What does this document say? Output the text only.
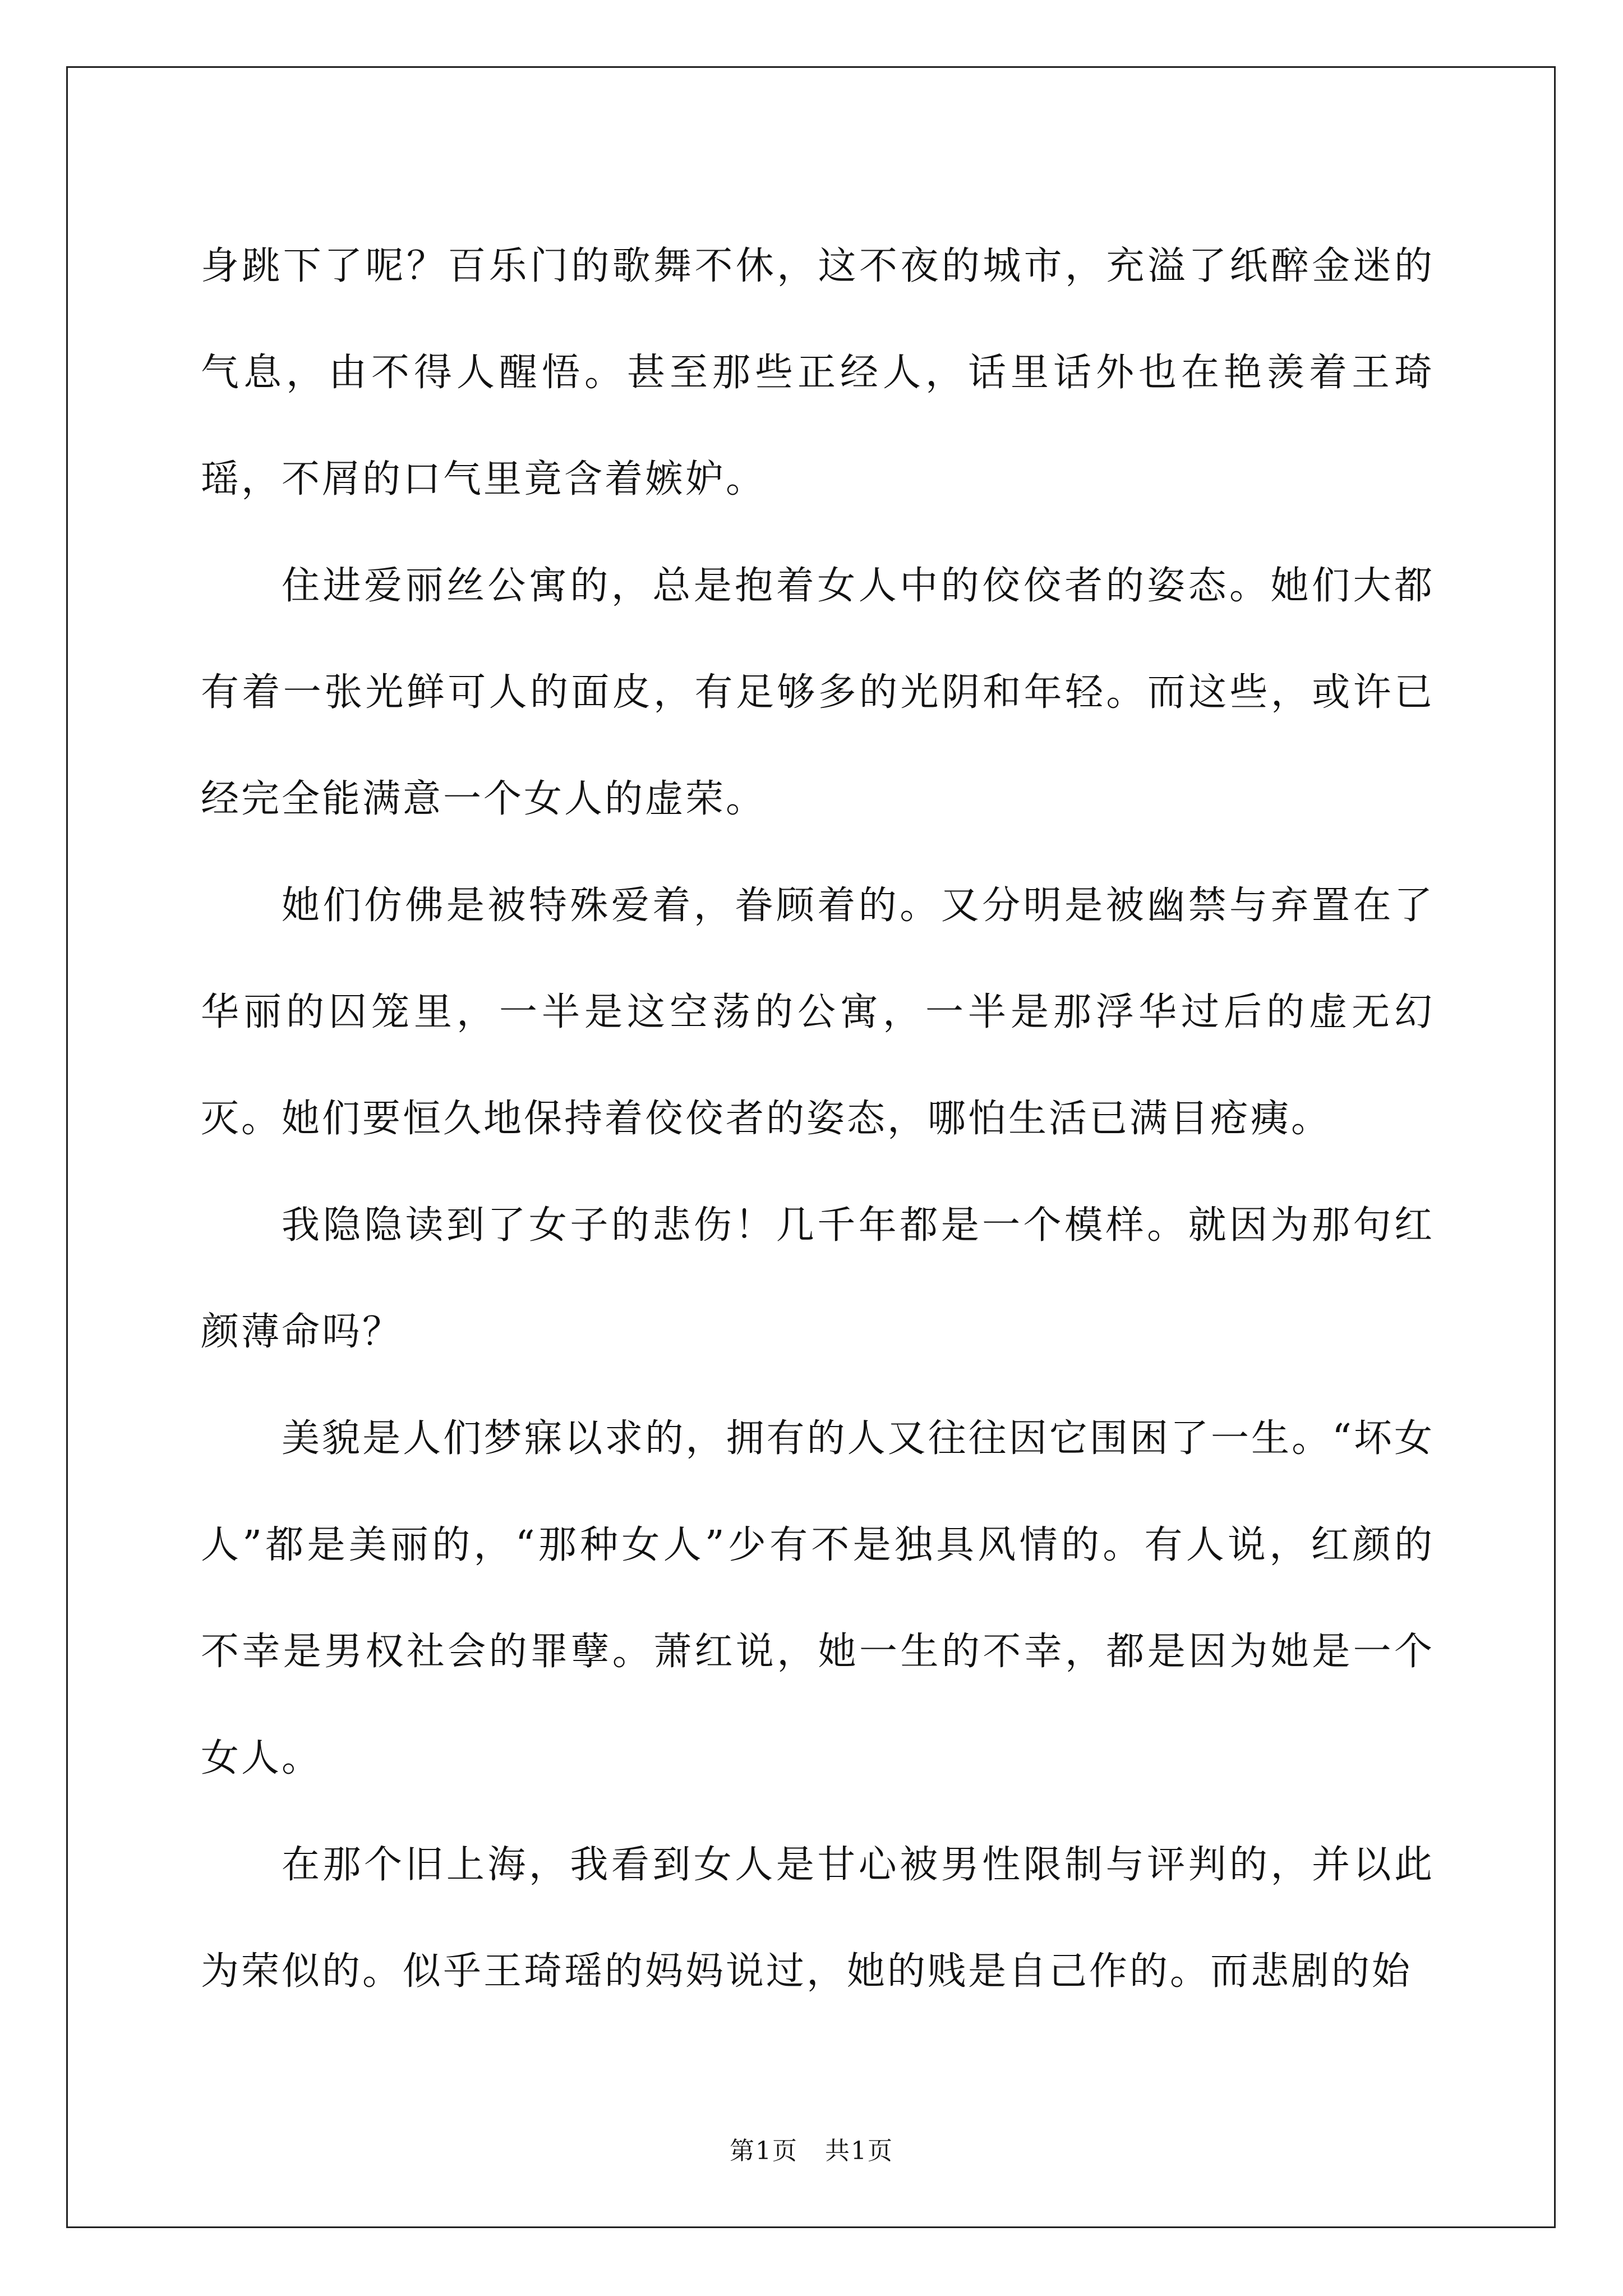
身跳下了呢？百乐门的歌舞不休，这不夜的城市，充溢了纸醉金迷的气息，由不得人醒悟。甚至那些正经人，话里话外也在艳羡着王琦瑶，不屑的口气里竟含着嫉妒。

住进爱丽丝公寓的，总是抱着女人中的佼佼者的姿态。她们大都有着一张光鲜可人的面皮，有足够多的光阴和年轻。而这些，或许已经完全能满意一个女人的虚荣。

她们仿佛是被特殊爱着，眷顾着的。又分明是被幽禁与弃置在了华丽的囚笼里，一半是这空荡的公寓，一半是那浮华过后的虚无幻灭。她们要恒久地保持着佼佼者的姿态，哪怕生活已满目疮痍。

我隐隐读到了女子的悲伤！几千年都是一个模样。就因为那句红颜薄命吗？

美貌是人们梦寐以求的，拥有的人又往往因它围困了一生。“坏女人”都是美丽的，“那种女人”少有不是独具风情的。有人说，红颜的不幸是男权社会的罪孽。萧红说，她一生的不幸，都是因为她是一个女人。

在那个旧上海，我看到女人是甘心被男性限制与评判的，并以此为荣似的。似乎王琦瑶的妈妈说过，她的贱是自己作的。而悲剧的始

第1页 共1页
